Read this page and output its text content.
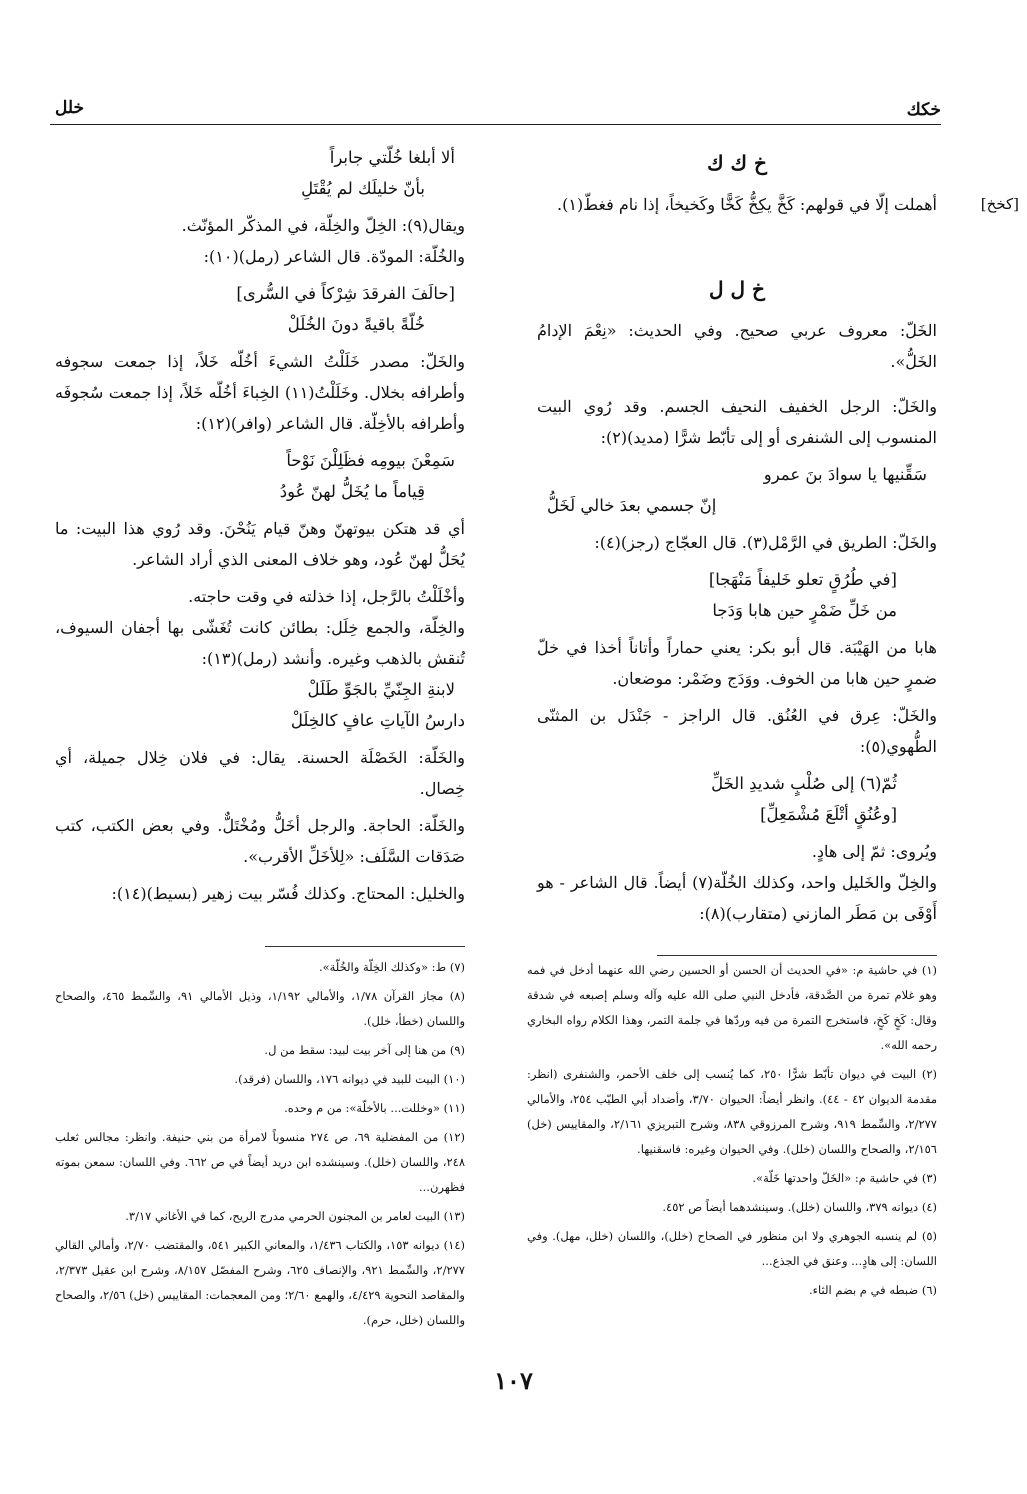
خكك
خلل
خ ك ك
[كخخ]
أهملت إلّا في قولهم: كَخَّ يكِخُّ كَخًّا وكَخيخاً، إذا نام فغطّ(١).
خ ل ل

الخَلّ: معروف عربي صحيح. وفي الحديث: «نِعْمَ الإدامُ الخَلُّ».

والخَلّ: الرجل الخفيف النحيف الجسم. وقد رُوي البيت المنسوب إلى الشنفرى أو إلى تأبّط شرًّا (مديد)(٢):

سَقِّنيها يا سوادَ بنَ عمرو
إنّ جسمي بعدَ خالي لَخَلُّ

والخَلّ: الطريق في الرَّمْل(٣). قال العجّاج (رجز)(٤):

[في طُرُقٍ تعلو خَليفاً مَنْهَجا]
من خَلِّ ضَمْرٍ حين هابا وَدَجا

هابا من الهَيْبَة. قال أبو بكر: يعني حماراً وأتاناً أخذا في خلّ ضمرٍ حين هابا من الخوف. ووَدَج وضَمْر: موضعان.

والخَلّ: عِرق في العُنُق. قال الراجز - جَنْدَل بن المثنّى الطُّهوي(٥):

ثُمّ(٦) إلى صُلْبٍ شديدِ الخَلِّ
[وعُنُقٍ أتْلَعَ مُشْمَعِلِّ]

ويُروى: ثمّ إلى هادٍ.

والخِلّ والخَليل واحد، وكذلك الخُلّة(٧) أيضاً. قال الشاعر - هو أَوْفَى بن مَطَر المازني (متقارب)(٨):

ألا أبلغا خُلّتي جابراً
بأنّ خليلَك لم يُقْتَلِ

ويقال(٩): الخِلّ والخِلّة، في المذكّر المؤنّث.

والخُلّة: المودّة. قال الشاعر (رمل)(١٠):

[حالَفَ الفرقدَ شِرْكاً في السُّرى]
خُلّةً باقيةً دونَ الخُلَلْ

والخَلّ: مصدر خَلَلْتُ الشيءَ أخُلّه خَلاً، إذا جمعت سجوفه وأطرافه بخلال. وخَلَلْتُ(١١) الخِباءَ أخُلّه خَلاً، إذا جمعت سُجوفَه وأطرافه بالأخِلّة. قال الشاعر (وافر)(١٢):

سَمِعْنَ بيومِه فظَلِلْنَ نَوْحاً
قِياماً ما يُخَلُّ لهنّ عُودُ

أي قد هتكن بيوتهنّ وهنّ قيام يَنُحْنَ. وقد رُوي هذا البيت: ما يُحَلُّ لهنّ عُود، وهو خلاف المعنى الذي أراد الشاعر.

وأخْلَلْتُ بالرَّجل، إذا خذلته في وقت حاجته.

والخِلّة، والجمع خِلَل: بطائن كانت تُغَشّى بها أجفان السيوف، تُنقش بالذهب وغيره. وأنشد (رمل)(١٣):

لابنةِ الجِنّيِّ بالجَوِّ طَلَلْ
دارسُ الآياتِ عافٍ كالخِلَلْ

والخَلّة: الخَصْلَة الحسنة. يقال: في فلان خِلال جميلة، أي خِصال.

والخَلّة: الحاجة. والرجل أخَلُّ ومُخْتَلٌّ. وفي بعض الكتب، كتب صَدَقات السَّلَف: «لِلأخَلِّ الأقرب».

والخليل: المحتاج. وكذلك فُسّر بيت زهير (بسيط)(١٤):

(١) في حاشية م: «في الحديث أن الحسن أو الحسين رضي الله عنهما أدخل في فمه وهو غلام تمرة من الصَّدقة، فأدخل النبي صلى الله عليه وآله وسلم إصبعه في شدقة وقال: كَخٍ كَخٍ، فاستخرج التمرة من فيه وردّها في جلمة التمر، وهذا الكلام رواه البخاري رحمه الله».

(٢) البيت في ديوان تأبّط شرًّا ٢٥٠، كما يُنسب إلى خلف الأحمر، والشنفرى (انظر: مقدمة الديوان ٤٢ - ٤٤). وانظر أيضاً: الحيوان ٣/٧٠، وأضداد أبي الطيّب ٢٥٤، والأمالي ٢/٢٧٧، والسِّمط ٩١٩، وشرح المرزوقي ٨٣٨، وشرح التبريزي ٢/١٦١، والمقاييس (خل) ٢/١٥٦، والصحاح واللسان (خلل). وفي الحيوان وغيره: فاسقنيها.

(٣) في حاشية م: «الخَلّ واحدتها خَلّة».

(٤) ديوانه ٣٧٩، واللسان (خلل). وسينشدهما أيضاً ص ٤٥٢.

(٥) لم ينسبه الجوهري ولا ابن منظور في الصحاح (خلل)، واللسان (خلل، مهل). وفي اللسان: إلى هادٍ... وعنق في الجذع...

(٦) ضبطه في م بضم الثاء.

(٧) ط: «وكذلك الخِلّة والخُلّة».

(٨) مجاز القرآن ١/٧٨، والأمالي ١/١٩٢، وذيل الأمالي ٩١، والسِّمط ٤٦٥، والصحاح واللسان (خطأ، خلل).

(٩) من هنا إلى آخر بيت لبيد: سقط من ل.

(١٠) البيت للبيد في ديوانه ١٧٦، واللسان (فرقد).

(١١) «وخللت... بالأخلّة»: من م وحده.

(١٢) من المفضلية ٦٩، ص ٢٧٤ منسوباً لامرأة من بني حنيفة. وانظر: مجالس ثعلب ٢٤٨، واللسان (خلل). وسينشده ابن دريد أيضاً في ص ٦٦٢. وفي اللسان: سمعن بموته فظهرن...

(١٣) البيت لعامر بن المجنون الحرمي مدرج الريح، كما في الأغاني ٣/١٧.

(١٤) ديوانه ١٥٣، والكتاب ١/٤٣٦، والمعاني الكبير ٥٤١، والمقتضب ٢/٧٠، وأمالي القالي ٢/٢٧٧، والسِّمط ٩٢١، والإنصاف ٦٢٥، وشرح المفصّل ٨/١٥٧، وشرح ابن عقيل ٢/٣٧٣، والمقاصد النحوية ٤/٤٢٩، والهمع ٢/٦٠؛ ومن المعجمات: المقاييس (خل) ٢/٥٦، والصحاح واللسان (خلل، حرم).

١٠٧
